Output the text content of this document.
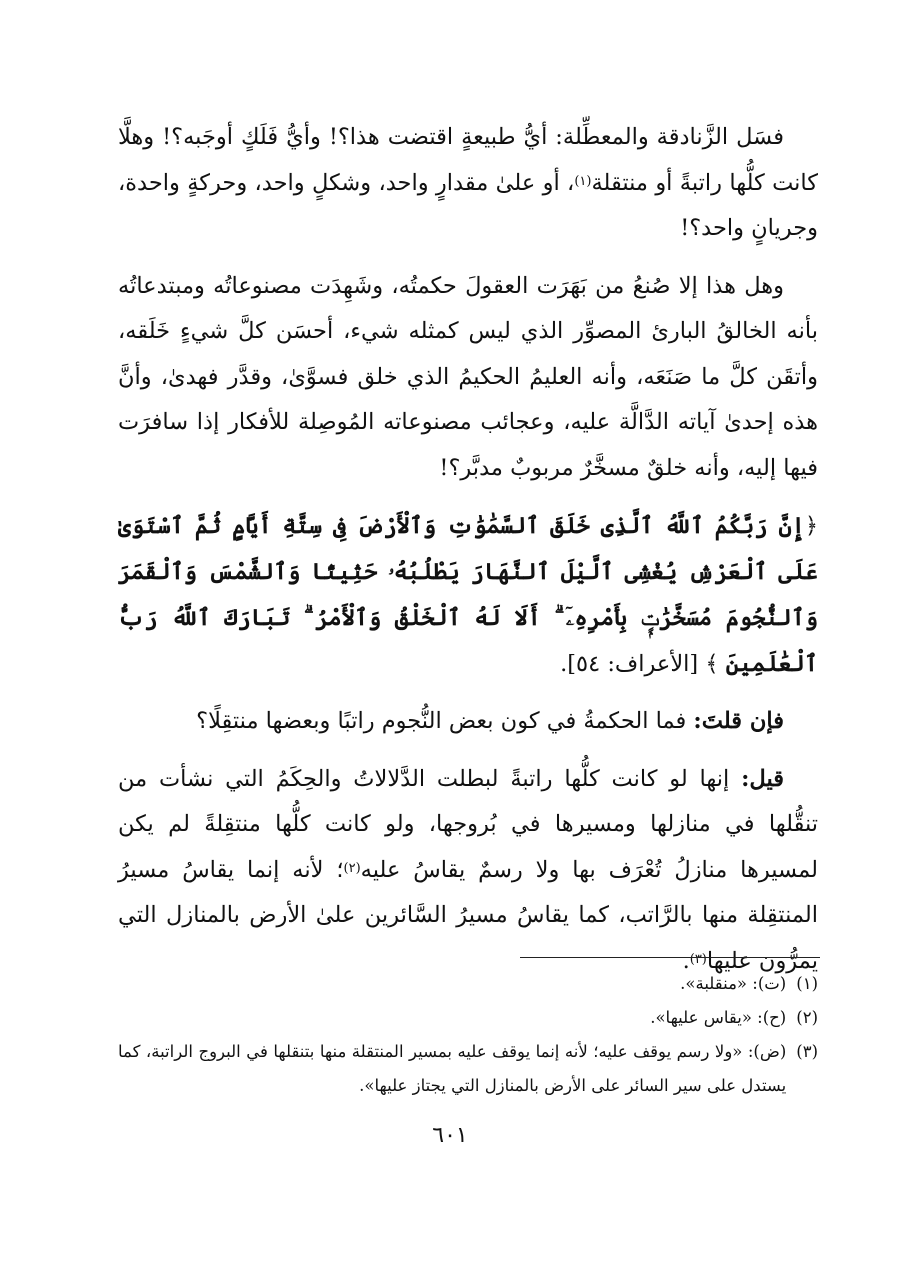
فسَل الزَّنادقة والمعطِّلة: أيُّ طبيعةٍ اقتضت هذا؟! وأيُّ فَلَكٍ أوجَبه؟! وهلَّا كانت كلُّها راتبةً أو منتقلة$^{(١)}$، أو علىٰ مقدارٍ واحد، وشكلٍ واحد، وحركةٍ واحدة، وجريانٍ واحد؟!

وهل هذا إلا صُنعُ من بَهَرَت العقولَ حكمتُه، وشَهِدَت مصنوعاتُه ومبتدعاتُه بأنه الخالقُ البارئ المصوِّر الذي ليس كمثله شيء، أحسَن كلَّ شيءٍ خَلَقه، وأتقَن كلَّ ما صَنَعَه، وأنه العليمُ الحكيمُ الذي خلق فسوَّىٰ، وقدَّر فهدىٰ، وأنَّ هذه إحدىٰ آياته الدَّالَّة عليه، وعجائب مصنوعاته المُوصِلة للأفكار إذا سافرَت فيها إليه، وأنه خلقٌ مسخَّرٌ مربوبٌ مدبَّر؟!

﴿إِنَّ رَبَّكُمُ ٱللَّهُ ٱلَّذِى خَلَقَ ٱلسَّمَٰوَٰتِ وَٱلْأَرْضَ فِى سِتَّةِ أَيَّامٍ ثُمَّ ٱسْتَوَىٰ عَلَى ٱلْعَرْشِ يُغْشِى ٱلَّيْلَ ٱلنَّهَارَ يَطْلُبُهُۥ حَثِيثًا وَٱلشَّمْسَ وَٱلْقَمَرَ وَٱلنُّجُومَ مُسَخَّرَٰتٍۭ بِأَمْرِهِۦٓ ۗ أَلَا لَهُ ٱلْخَلْقُ وَٱلْأَمْرُ ۗ تَبَارَكَ ٱللَّهُ رَبُّ ٱلْعَٰلَمِينَ ﴾ [الأعراف: ٥٤].

فإن قلتَ: فما الحكمةُ في كون بعض النُّجوم راتبًا وبعضها منتقِلًا؟

قيل: إنها لو كانت كلُّها راتبةً لبطلت الدَّلالاتُ والحِكَمُ التي نشأت من تنقُّلها في منازلها ومسيرها في بُروجها، ولو كانت كلُّها منتقِلةً لم يكن لمسيرها منازلُ تُعْرَف بها ولا رسمٌ يقاسُ عليه$^{(٢)}$؛ لأنه إنما يقاسُ مسيرُ المنتقِلة منها بالرَّاتب، كما يقاسُ مسيرُ السَّائرين علىٰ الأرض بالمنازل التي يمرُّون عليها$^{(٣)}$.

(١)
(ت): «منقلبة».
(٢)
(ح): «يقاس عليها».
(٣)
(ض): «ولا رسم يوقف عليه؛ لأنه إنما يوقف عليه بمسير المنتقلة منها بتنقلها في البروج الراتبة، كما يستدل على سير السائر على الأرض بالمنازل التي يجتاز عليها».
٦٠١
